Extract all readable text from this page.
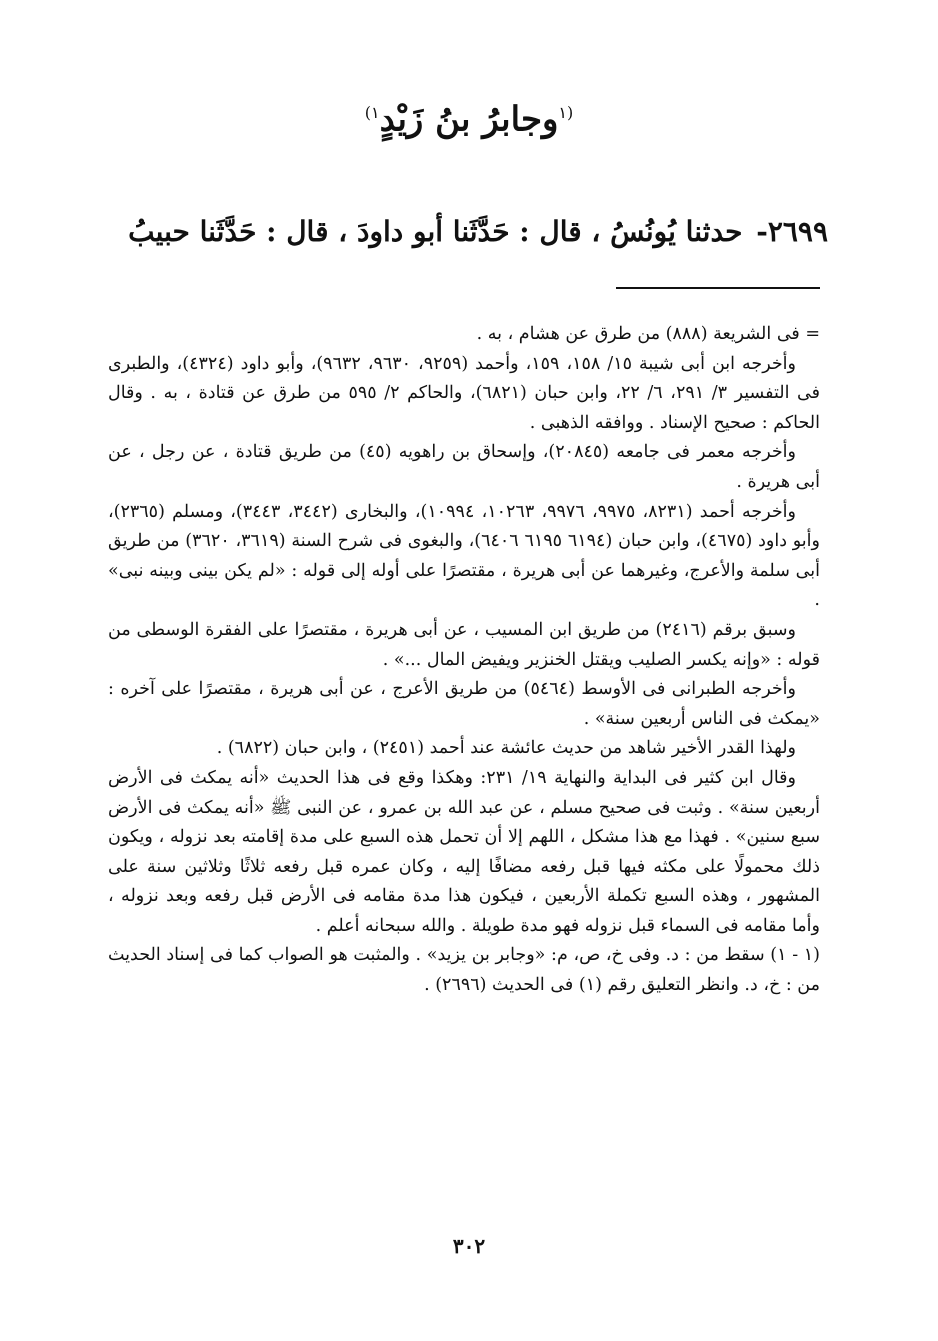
$^{(١}$وجابرُ بنُ زَيْدٍ$^{١)}$
٢٦٩٩- حدثنا يُونُسُ ، قال : حَدَّثَنا أبو داودَ ، قال : حَدَّثَنا حبيبُ

= فى الشريعة (٨٨٨) من طرق عن هشام ، به .

وأخرجه ابن أبى شيبة ١٥/ ١٥٨، ١٥٩، وأحمد (٩٢٥٩، ٩٦٣٠، ٩٦٣٢)، وأبو داود (٤٣٢٤)، والطبرى فى التفسير ٣/ ٢٩١، ٦/ ٢٢، وابن حبان (٦٨٢١)، والحاكم ٢/ ٥٩٥ من طرق عن قتادة ، به . وقال الحاكم : صحيح الإسناد . ووافقه الذهبى .

وأخرجه معمر فى جامعه (٢٠٨٤٥)، وإسحاق بن راهويه (٤٥) من طريق قتادة ، عن رجل ، عن أبى هريرة .

وأخرجه أحمد (٨٢٣١، ٩٩٧٥، ٩٩٧٦، ١٠٢٦٣، ١٠٩٩٤)، والبخارى (٣٤٤٢، ٣٤٤٣)، ومسلم (٢٣٦٥)، وأبو داود (٤٦٧٥)، وابن حبان (٦١٩٤ ٦١٩٥ ٦٤٠٦)، والبغوى فى شرح السنة (٣٦١٩، ٣٦٢٠) من طريق أبى سلمة والأعرج، وغيرهما عن أبى هريرة ، مقتصرًا على أوله إلى قوله : «لم يكن بينى وبينه نبى» .

وسبق برقم (٢٤١٦) من طريق ابن المسيب ، عن أبى هريرة ، مقتصرًا على الفقرة الوسطى من قوله : «وإنه يكسر الصليب ويقتل الخنزير ويفيض المال ...» .

وأخرجه الطبرانى فى الأوسط (٥٤٦٤) من طريق الأعرج ، عن أبى هريرة ، مقتصرًا على آخره : «يمكث فى الناس أربعين سنة» .

ولهذا القدر الأخير شاهد من حديث عائشة عند أحمد (٢٤٥١) ، وابن حبان (٦٨٢٢) .

وقال ابن كثير فى البداية والنهاية ١٩/ ٢٣١: وهكذا وقع فى هذا الحديث «أنه يمكث فى الأرض أربعين سنة» . وثبت فى صحيح مسلم ، عن عبد الله بن عمرو ، عن النبى ﷺ «أنه يمكث فى الأرض سبع سنين» . فهذا مع هذا مشكل ، اللهم إلا أن تحمل هذه السبع على مدة إقامته بعد نزوله ، ويكون ذلك محمولًا على مكثه فيها قبل رفعه مضافًا إليه ، وكان عمره قبل رفعه ثلاثًا وثلاثين سنة على المشهور ، وهذه السبع تكملة الأربعين ، فيكون هذا مدة مقامه فى الأرض قبل رفعه وبعد نزوله ، وأما مقامه فى السماء قبل نزوله فهو مدة طويلة . والله سبحانه أعلم .

(١ - ١) سقط من : د. وفى خ، ص، م: «وجابر بن يزيد» . والمثبت هو الصواب كما فى إسناد الحديث من : خ، د. وانظر التعليق رقم (١) فى الحديث (٢٦٩٦) .

٣٠٢
